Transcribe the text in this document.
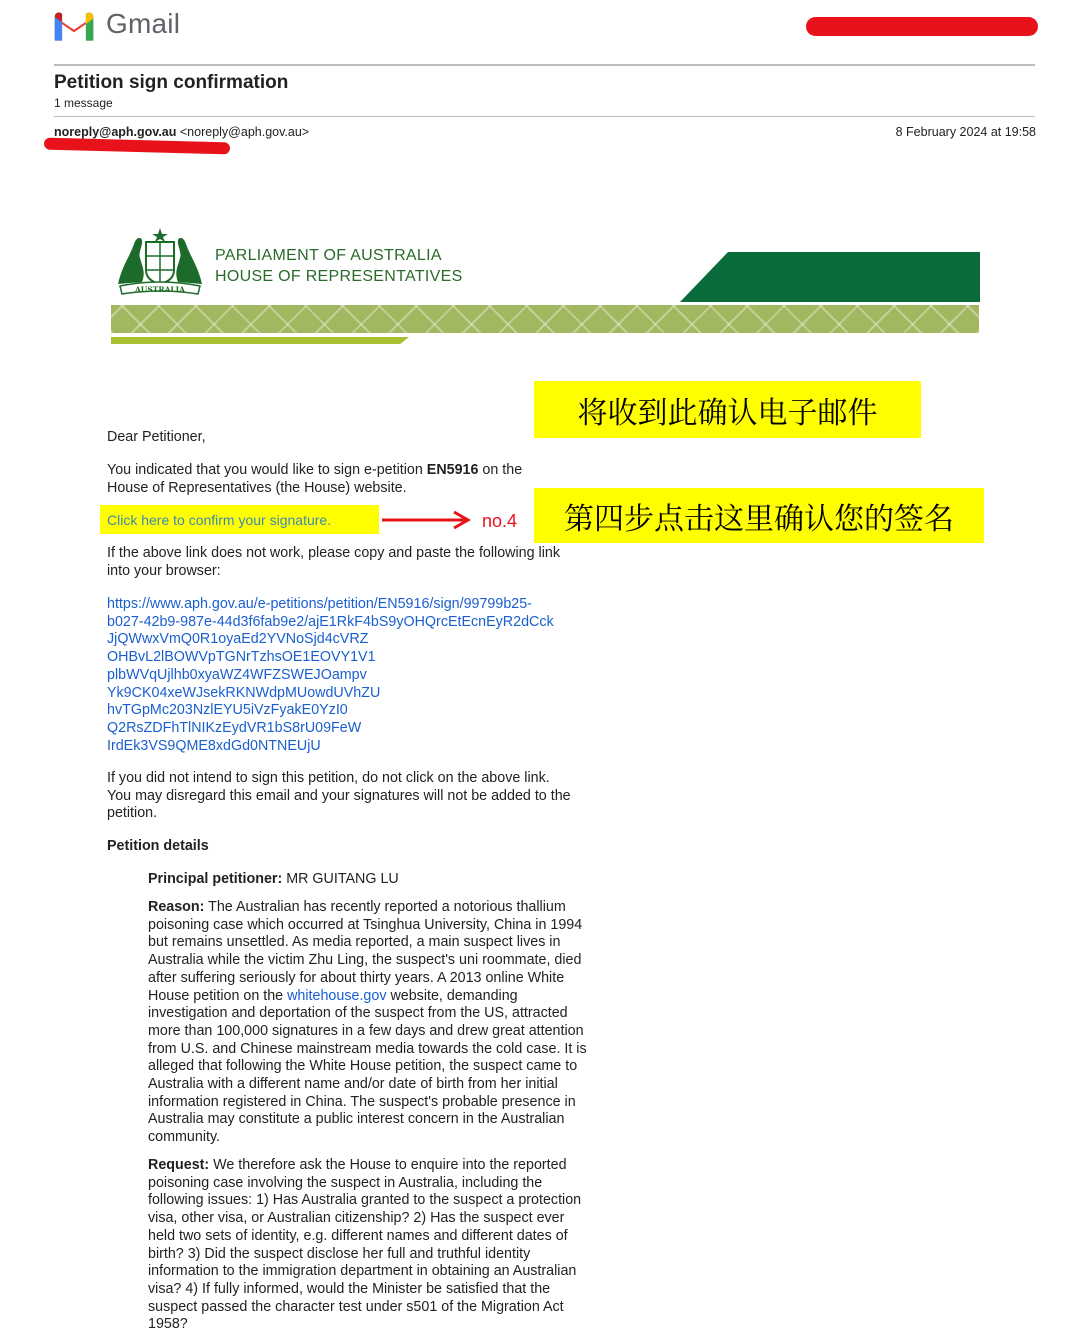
Gmail
Petition sign confirmation
1 message
noreply@aph.gov.au <noreply@aph.gov.au>	8 February 2024 at 19:58
AUSTRALIA
PARLIAMENT OF AUSTRALIA
HOUSE OF REPRESENTATIVES
将收到此确认电子邮件
Dear Petitioner,
You indicated that you would like to sign e-petition EN5916 on the House of Representatives (the House) website.
Click here to confirm your signature.	no.4	第四步点击这里确认您的签名
If the above link does not work, please copy and paste the following link into your browser:
https://www.aph.gov.au/e-petitions/petition/EN5916/sign/99799b25-
b027-42b9-987e-44d3f6fab9e2/ajE1RkF4bS9yOHQrcEtEcnEyR2dCck
JjQWwxVmQ0R1oyaEd2YVNoSjd4cVRZ
OHBvL2lBOWVpTGNrTzhsOE1EOVY1V1
plbWVqUjlhb0xyaWZ4WFZSWEJOampv
Yk9CK04xeWJsekRKNWdpMUowdUVhZU
hvTGpMc203NzlEYU5iVzFyakE0YzI0
Q2RsZDFhTlNIKzEydVR1bS8rU09FeW
IrdEk3VS9QME8xdGd0NTNEUjU
If you did not intend to sign this petition, do not click on the above link. You may disregard this email and your signatures will not be added to the petition.
Petition details
Principal petitioner: MR GUITANG LU
Reason: The Australian has recently reported a notorious thallium poisoning case which occurred at Tsinghua University, China in 1994 but remains unsettled. As media reported, a main suspect lives in Australia while the victim Zhu Ling, the suspect's uni roommate, died after suffering seriously for about thirty years. A 2013 online White House petition on the whitehouse.gov website, demanding investigation and deportation of the suspect from the US, attracted more than 100,000 signatures in a few days and drew great attention from U.S. and Chinese mainstream media towards the cold case. It is alleged that following the White House petition, the suspect came to Australia with a different name and/or date of birth from her initial information registered in China. The suspect's probable presence in Australia may constitute a public interest concern in the Australian community.
Request: We therefore ask the House to enquire into the reported poisoning case involving the suspect in Australia, including the following issues: 1) Has Australia granted to the suspect a protection visa, other visa, or Australian citizenship? 2) Has the suspect ever held two sets of identity, e.g. different names and different dates of birth? 3) Did the suspect disclose her full and truthful identity information to the immigration department in obtaining an Australian visa? 4) If fully informed, would the Minister be satisfied that the suspect passed the character test under s501 of the Migration Act 1958?
